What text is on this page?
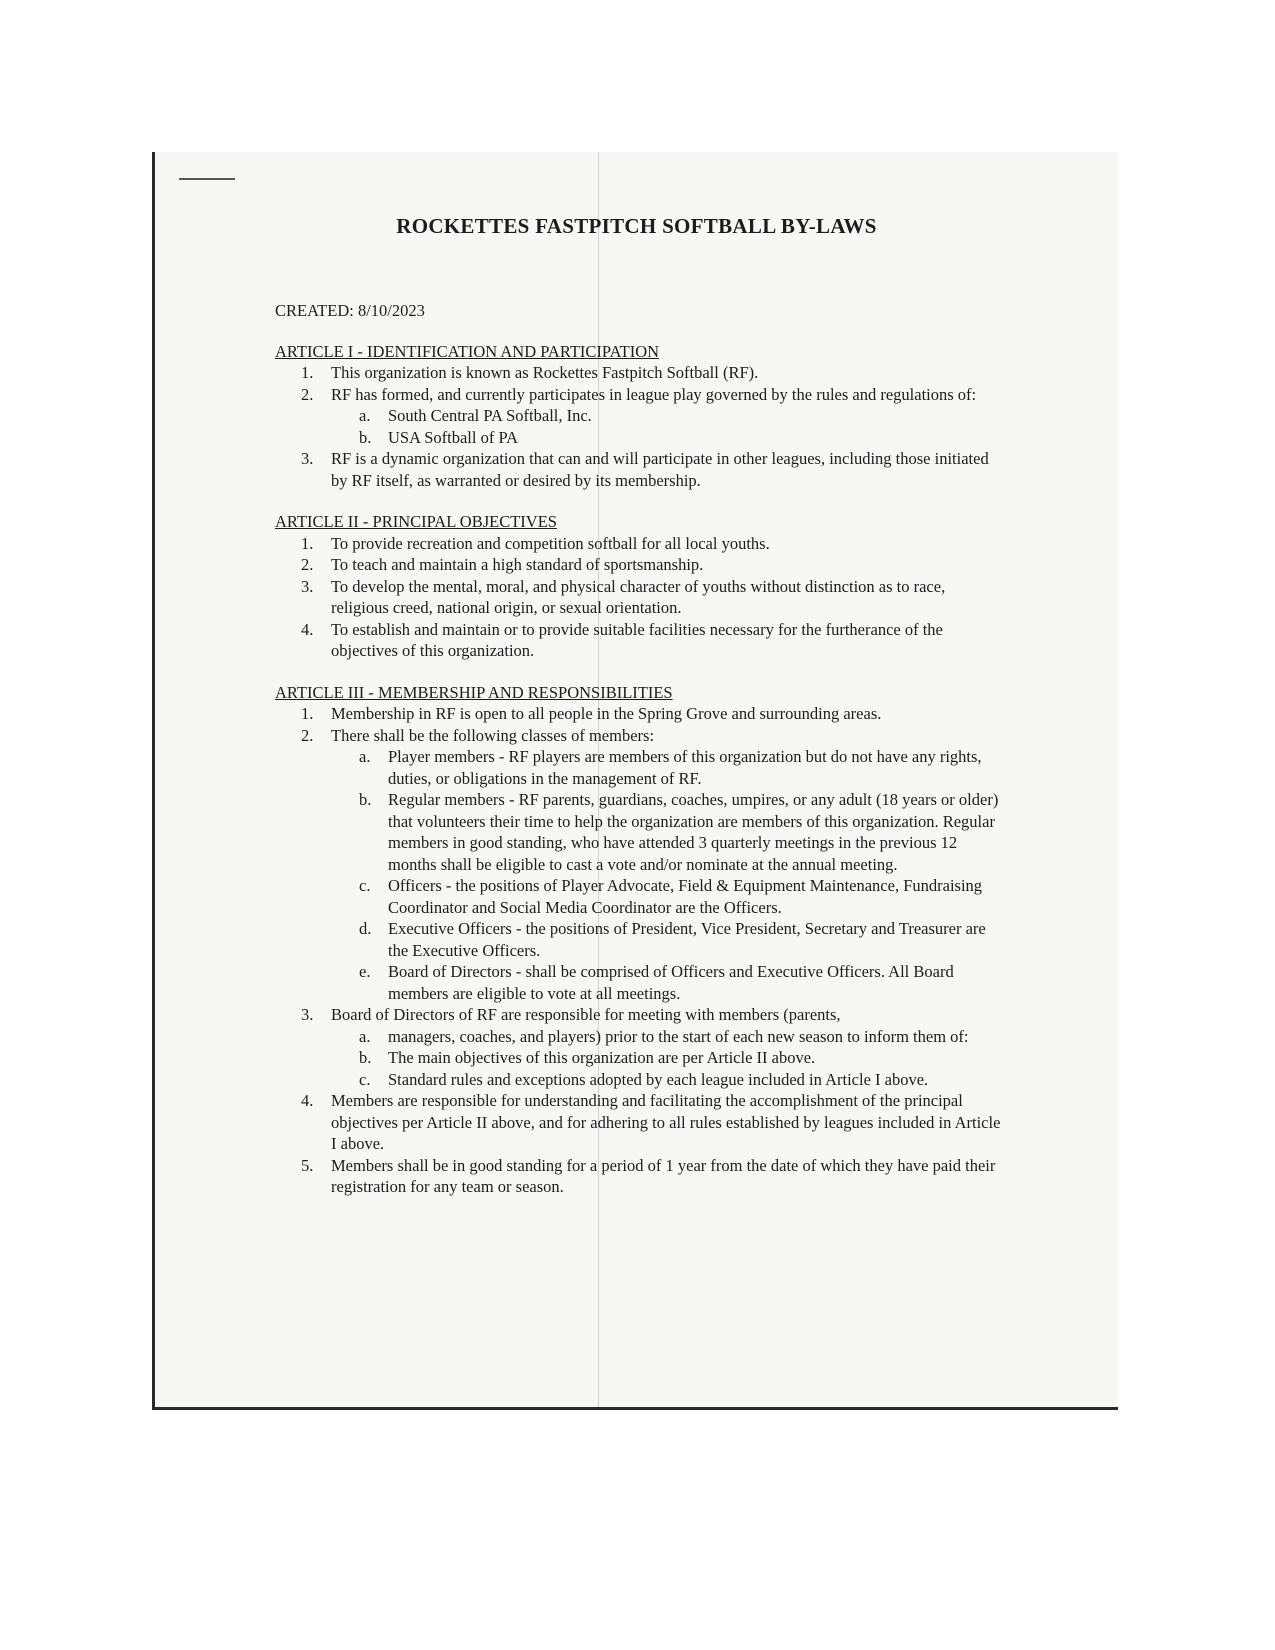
ROCKETTES FASTPITCH SOFTBALL BY-LAWS

CREATED: 8/10/2023

ARTICLE I - IDENTIFICATION AND PARTICIPATION
1. This organization is known as Rockettes Fastpitch Softball (RF).
2. RF has formed, and currently participates in league play governed by the rules and regulations of:
a. South Central PA Softball, Inc.
b. USA Softball of PA
3. RF is a dynamic organization that can and will participate in other leagues, including those initiated by RF itself, as warranted or desired by its membership.
ARTICLE II - PRINCIPAL OBJECTIVES
1. To provide recreation and competition softball for all local youths.
2. To teach and maintain a high standard of sportsmanship.
3. To develop the mental, moral, and physical character of youths without distinction as to race, religious creed, national origin, or sexual orientation.
4. To establish and maintain or to provide suitable facilities necessary for the furtherance of the objectives of this organization.
ARTICLE III - MEMBERSHIP AND RESPONSIBILITIES
1. Membership in RF is open to all people in the Spring Grove and surrounding areas.
2. There shall be the following classes of members:
a. Player members - RF players are members of this organization but do not have any rights, duties, or obligations in the management of RF.
b. Regular members - RF parents, guardians, coaches, umpires, or any adult (18 years or older) that volunteers their time to help the organization are members of this organization. Regular members in good standing, who have attended 3 quarterly meetings in the previous 12 months shall be eligible to cast a vote and/or nominate at the annual meeting.
c. Officers - the positions of Player Advocate, Field & Equipment Maintenance, Fundraising Coordinator and Social Media Coordinator are the Officers.
d. Executive Officers - the positions of President, Vice President, Secretary and Treasurer are the Executive Officers.
e. Board of Directors - shall be comprised of Officers and Executive Officers. All Board members are eligible to vote at all meetings.
3. Board of Directors of RF are responsible for meeting with members (parents,
a. managers, coaches, and players) prior to the start of each new season to inform them of:
b. The main objectives of this organization are per Article II above.
c. Standard rules and exceptions adopted by each league included in Article I above.
4. Members are responsible for understanding and facilitating the accomplishment of the principal objectives per Article II above, and for adhering to all rules established by leagues included in Article I above.
5. Members shall be in good standing for a period of 1 year from the date of which they have paid their registration for any team or season.
